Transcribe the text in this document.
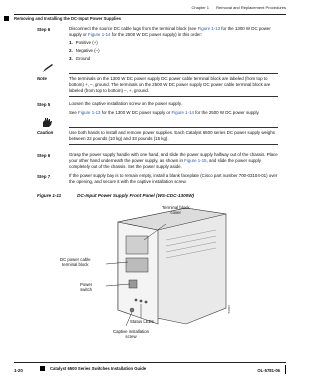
Chapter 1 Removal and Replacement Procedures
Removing and Installing the DC-Input Power Supplies
Step 6	Disconnect the source DC cable lugs from the terminal block (see Figure 1-13 for the 1300 W DC power supply or Figure 1-14 for the 2500 W DC power supply) in this order:
1. Positive (+)
2. Negative (–)
3. Ground
Note	The terminals on the 1300 W DC power supply DC power cable terminal block are labeled (from top to bottom) +, –, ground. The terminals on the 2500 W DC power supply DC power cable terminal block are labeled (from top to bottom) –, +, ground.
Step 5	Loosen the captive installation screw on the power supply.
See Figure 1-13 for the 1300 W DC power supply or Figure 1-14 for the 2500 W DC power supply.
Caution	Use both hands to install and remove power supplies. Each Catalyst 6500 series DC power supply weighs between 22 pounds (10 kg) and 33 pounds (15 kg).
Step 6	Grasp the power supply handle with one hand, and slide the power supply halfway out of the chassis. Place your other hand underneath the power supply, as shown in Figure 1-15, and slide the power supply completely out of the chassis. Set the power supply aside.
Step 7	If the power supply bay is to remain empty, install a blank faceplate (Cisco part number 700-03104-01) over the opening, and secure it with the captive installation screw.
Figure 1-11	DC-Input Power Supply Front Panel (WS-CDC-1300W)
Terminal block
cover
DC power cable
terminal block
Power
switch
Status LEDs
Captive installation
screw
59096
1-20	Catalyst 6500 Series Switches Installation Guide	OL-5781-06
